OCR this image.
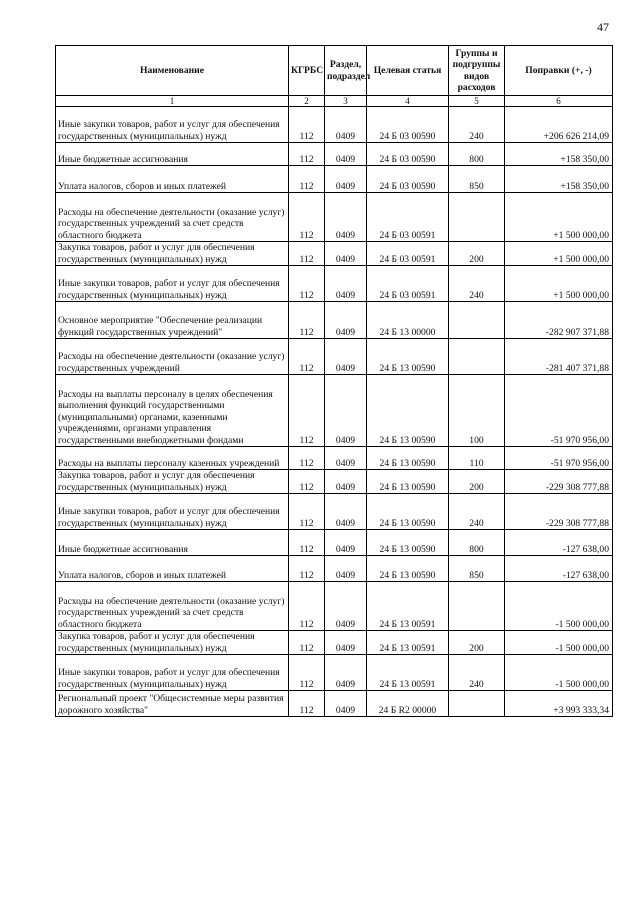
47
Наименование	КГРБС	Раздел, подраздел	Целевая статья	Группы и подгруппы видов расходов	Поправки (+, -)
1	2	3	4	5	6
Иные закупки товаров, работ и услуг для обеспечения государственных (муниципальных) нужд	112	0409	24 Б 03 00590	240	+206 626 214,09
Иные бюджетные ассигнования	112	0409	24 Б 03 00590	800	+158 350,00
Уплата налогов, сборов и иных платежей	112	0409	24 Б 03 00590	850	+158 350,00
Расходы на обеспечение деятельности (оказание услуг) государственных учреждений за счет средств областного бюджета	112	0409	24 Б 03 00591		+1 500 000,00
Закупка товаров, работ и услуг для обеспечения государственных (муниципальных) нужд	112	0409	24 Б 03 00591	200	+1 500 000,00
Иные закупки товаров, работ и услуг для обеспечения государственных (муниципальных) нужд	112	0409	24 Б 03 00591	240	+1 500 000,00
Основное мероприятие "Обеспечение реализации функций государственных учреждений"	112	0409	24 Б 13 00000		-282 907 371,88
Расходы на обеспечение деятельности (оказание услуг) государственных учреждений	112	0409	24 Б 13 00590		-281 407 371,88
Расходы на выплаты персоналу в целях обеспечения выполнения функций государственными (муниципальными) органами, казенными учреждениями, органами управления государственными внебюджетными фондами	112	0409	24 Б 13 00590	100	-51 970 956,00
Расходы на выплаты персоналу казенных учреждений	112	0409	24 Б 13 00590	110	-51 970 956,00
Закупка товаров, работ и услуг для обеспечения государственных (муниципальных) нужд	112	0409	24 Б 13 00590	200	-229 308 777,88
Иные закупки товаров, работ и услуг для обеспечения государственных (муниципальных) нужд	112	0409	24 Б 13 00590	240	-229 308 777,88
Иные бюджетные ассигнования	112	0409	24 Б 13 00590	800	-127 638,00
Уплата налогов, сборов и иных платежей	112	0409	24 Б 13 00590	850	-127 638,00
Расходы на обеспечение деятельности (оказание услуг) государственных учреждений за счет средств областного бюджета	112	0409	24 Б 13 00591		-1 500 000,00
Закупка товаров, работ и услуг для обеспечения государственных (муниципальных) нужд	112	0409	24 Б 13 00591	200	-1 500 000,00
Иные закупки товаров, работ и услуг для обеспечения государственных (муниципальных) нужд	112	0409	24 Б 13 00591	240	-1 500 000,00
Региональный проект "Общесистемные меры развития дорожного хозяйства"	112	0409	24 Б R2 00000		+3 993 333,34
